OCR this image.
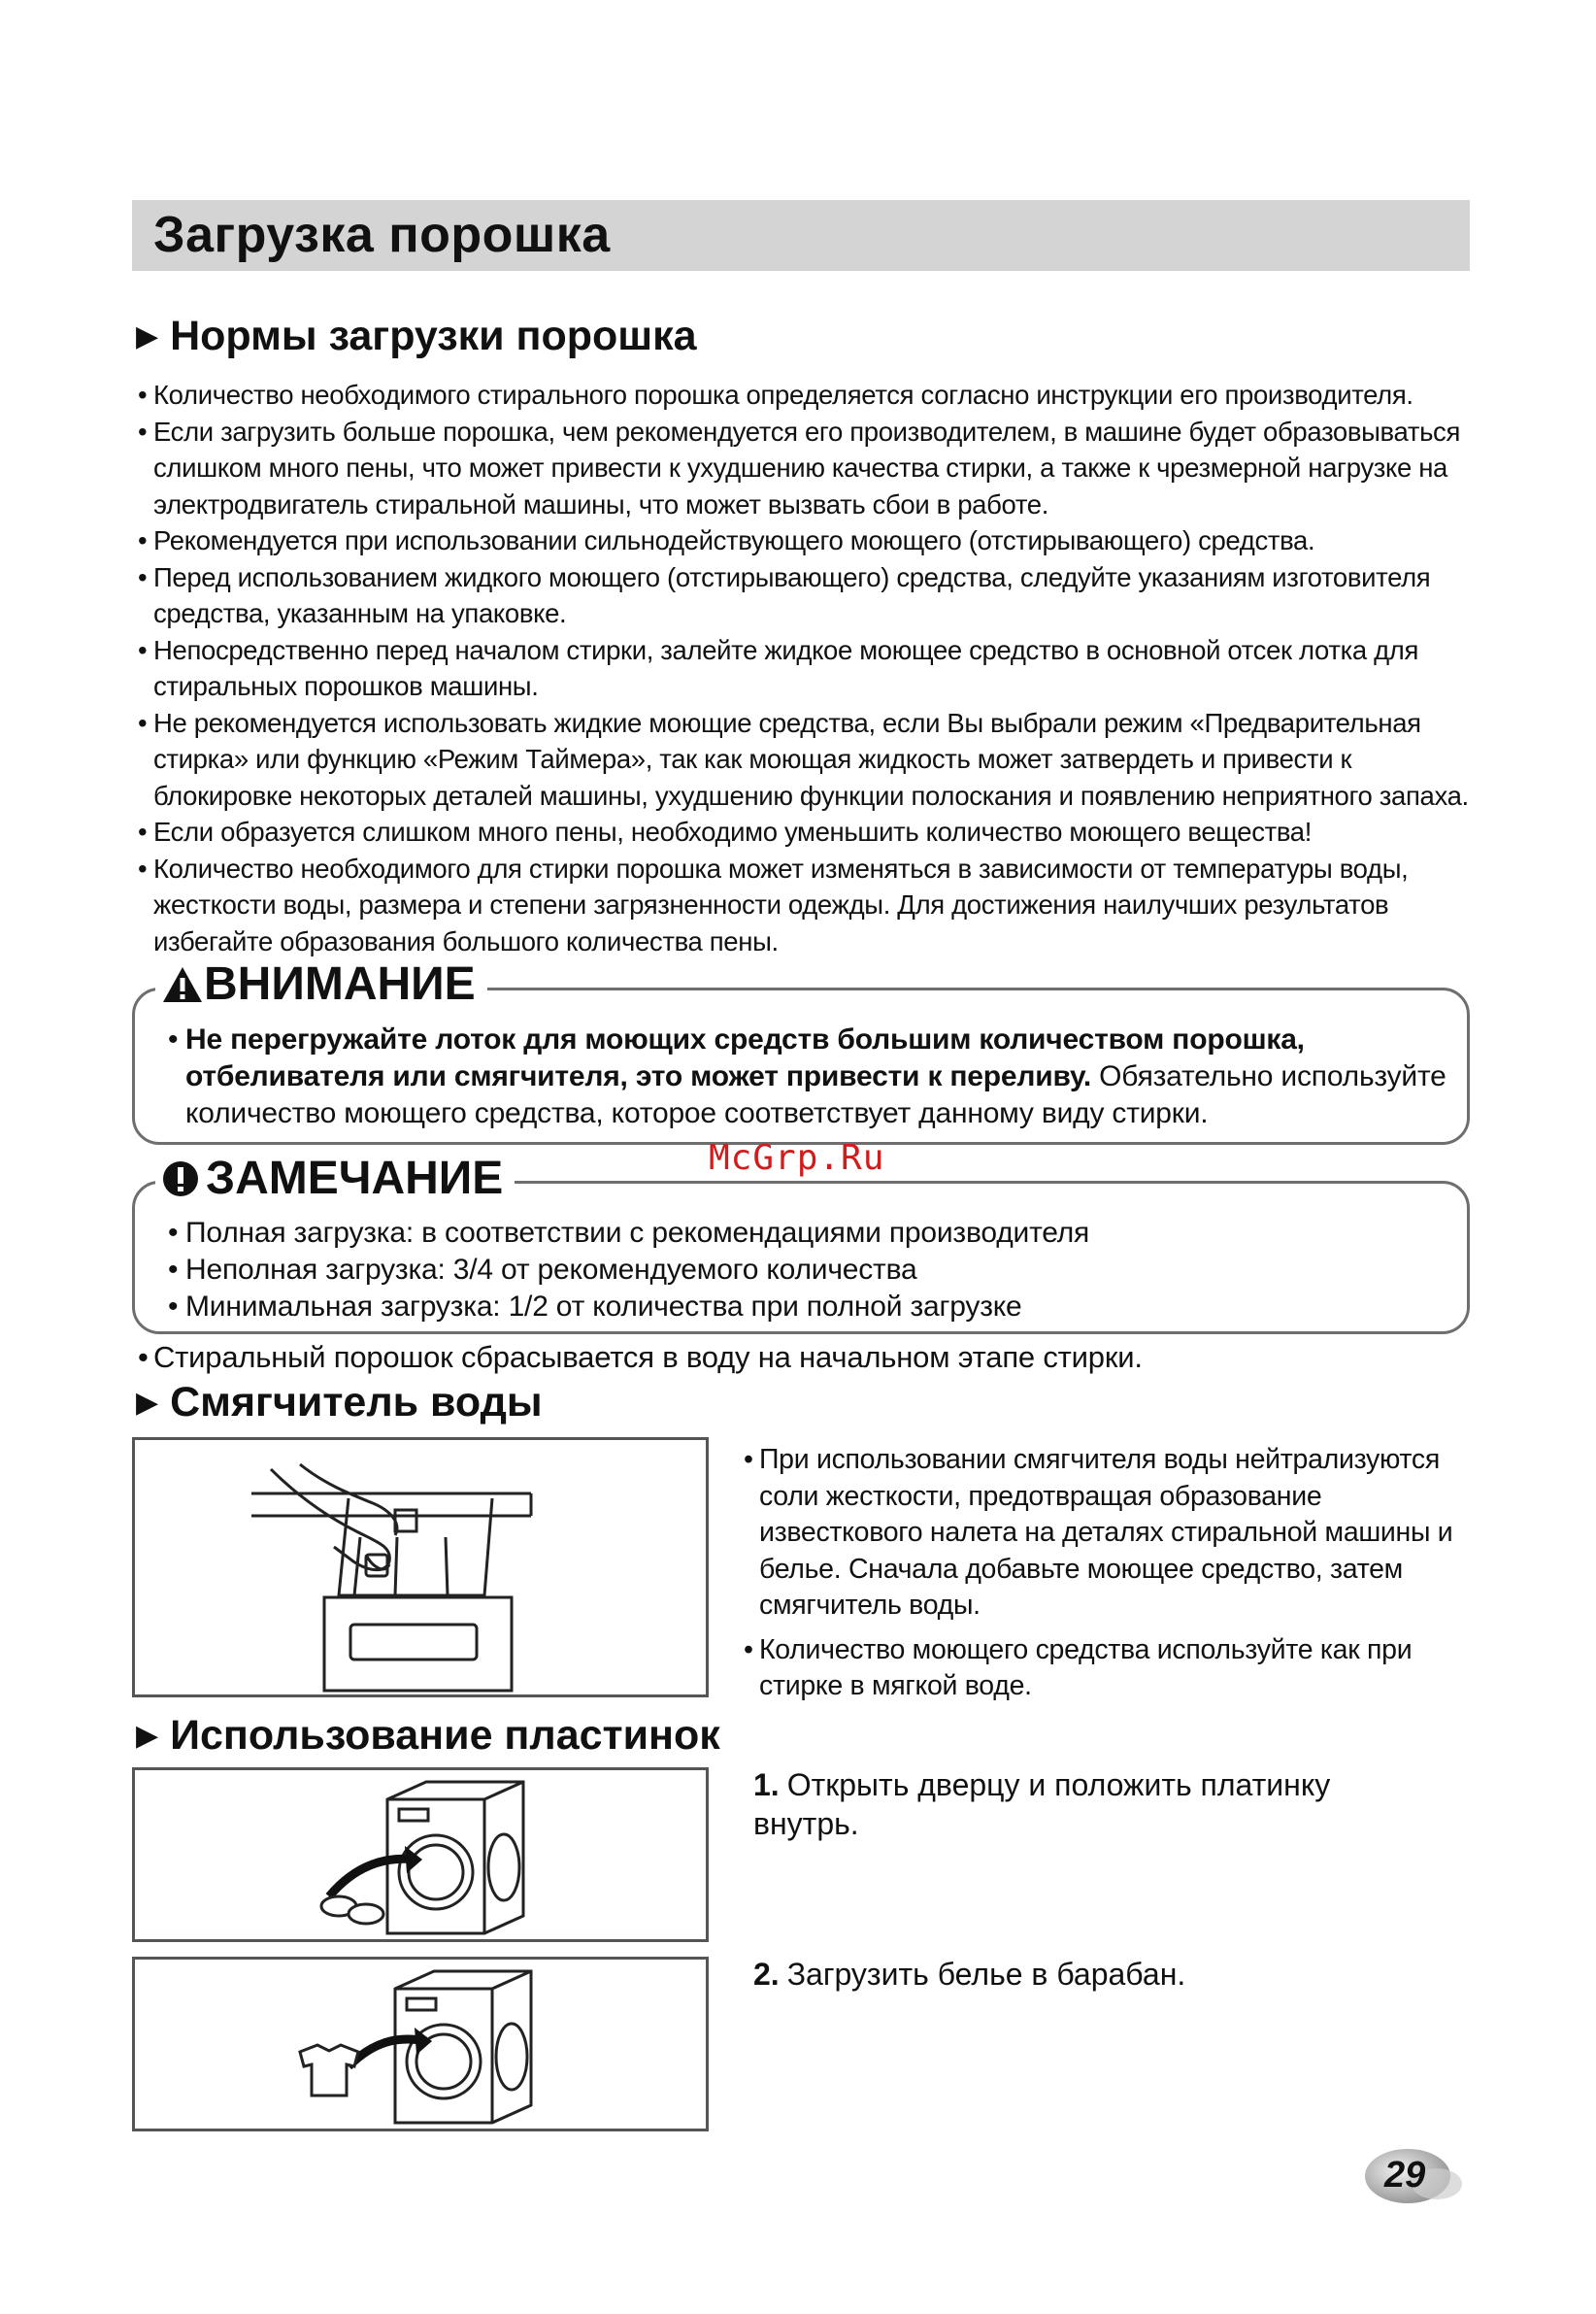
Загрузка порошка
▶ Нормы загрузки порошка

• Количество необходимого стирального порошка определяется согласно инструкции его производителя.

• Если загрузить больше порошка, чем рекомендуется его производителем, в машине будет образовываться слишком много пены, что может привести к ухудшению качества стирки, а также к чрезмерной нагрузке на электродвигатель стиральной машины, что может вызвать сбои в работе.

• Рекомендуется при использовании сильнодействующего моющего (отстирывающего) средства.

• Перед использованием жидкого моющего (отстирывающего) средства, следуйте указаниям изготовителя средства, указанным на упаковке.

• Непосредственно перед началом стирки, залейте жидкое моющее средство в основной отсек лотка для стиральных порошков машины.

• Не рекомендуется использовать жидкие моющие средства, если Вы выбрали режим «Предварительная стирка» или функцию «Режим Таймера», так как моющая жидкость может затвердеть и привести к блокировке некоторых деталей машины, ухудшению функции полоскания и появлению неприятного запаха.

• Если образуется слишком много пены, необходимо уменьшить количество моющего вещества!

• Количество необходимого для стирки порошка может изменяться в зависимости от температуры воды, жесткости воды, размера и степени загрязненности одежды. Для достижения наилучших результатов избегайте образования большого количества пены.

• Не перегружайте лоток для моющих средств большим количеством порошка, отбеливателя или смягчителя, это может привести к переливу. Обязательно используйте количество моющего средства, которое соответствует данному виду стирки.

ВНИМАНИЕ

• Полная загрузка: в соответствии с рекомендациями производителя

• Неполная загрузка: 3/4 от рекомендуемого количества

• Минимальная загрузка: 1/2 от количества при полной загрузке

ЗАМЕЧАНИЕ	McGrp.Ru

• Стиральный порошок сбрасывается в воду на начальном этапе стирки.

▶ Смягчитель воды

• При использовании смягчителя воды нейтрализуются соли жесткости, предотвращая образование известкового налета на деталях стиральной машины и белье. Сначала добавьте моющее средство, затем смягчитель воды.

• Количество моющего средства используйте как при стирке в мягкой воде.

▶ Использование пластинок
1. Открыть дверцу и положить платинку внутрь.
2. Загрузить белье в барабан.
29
